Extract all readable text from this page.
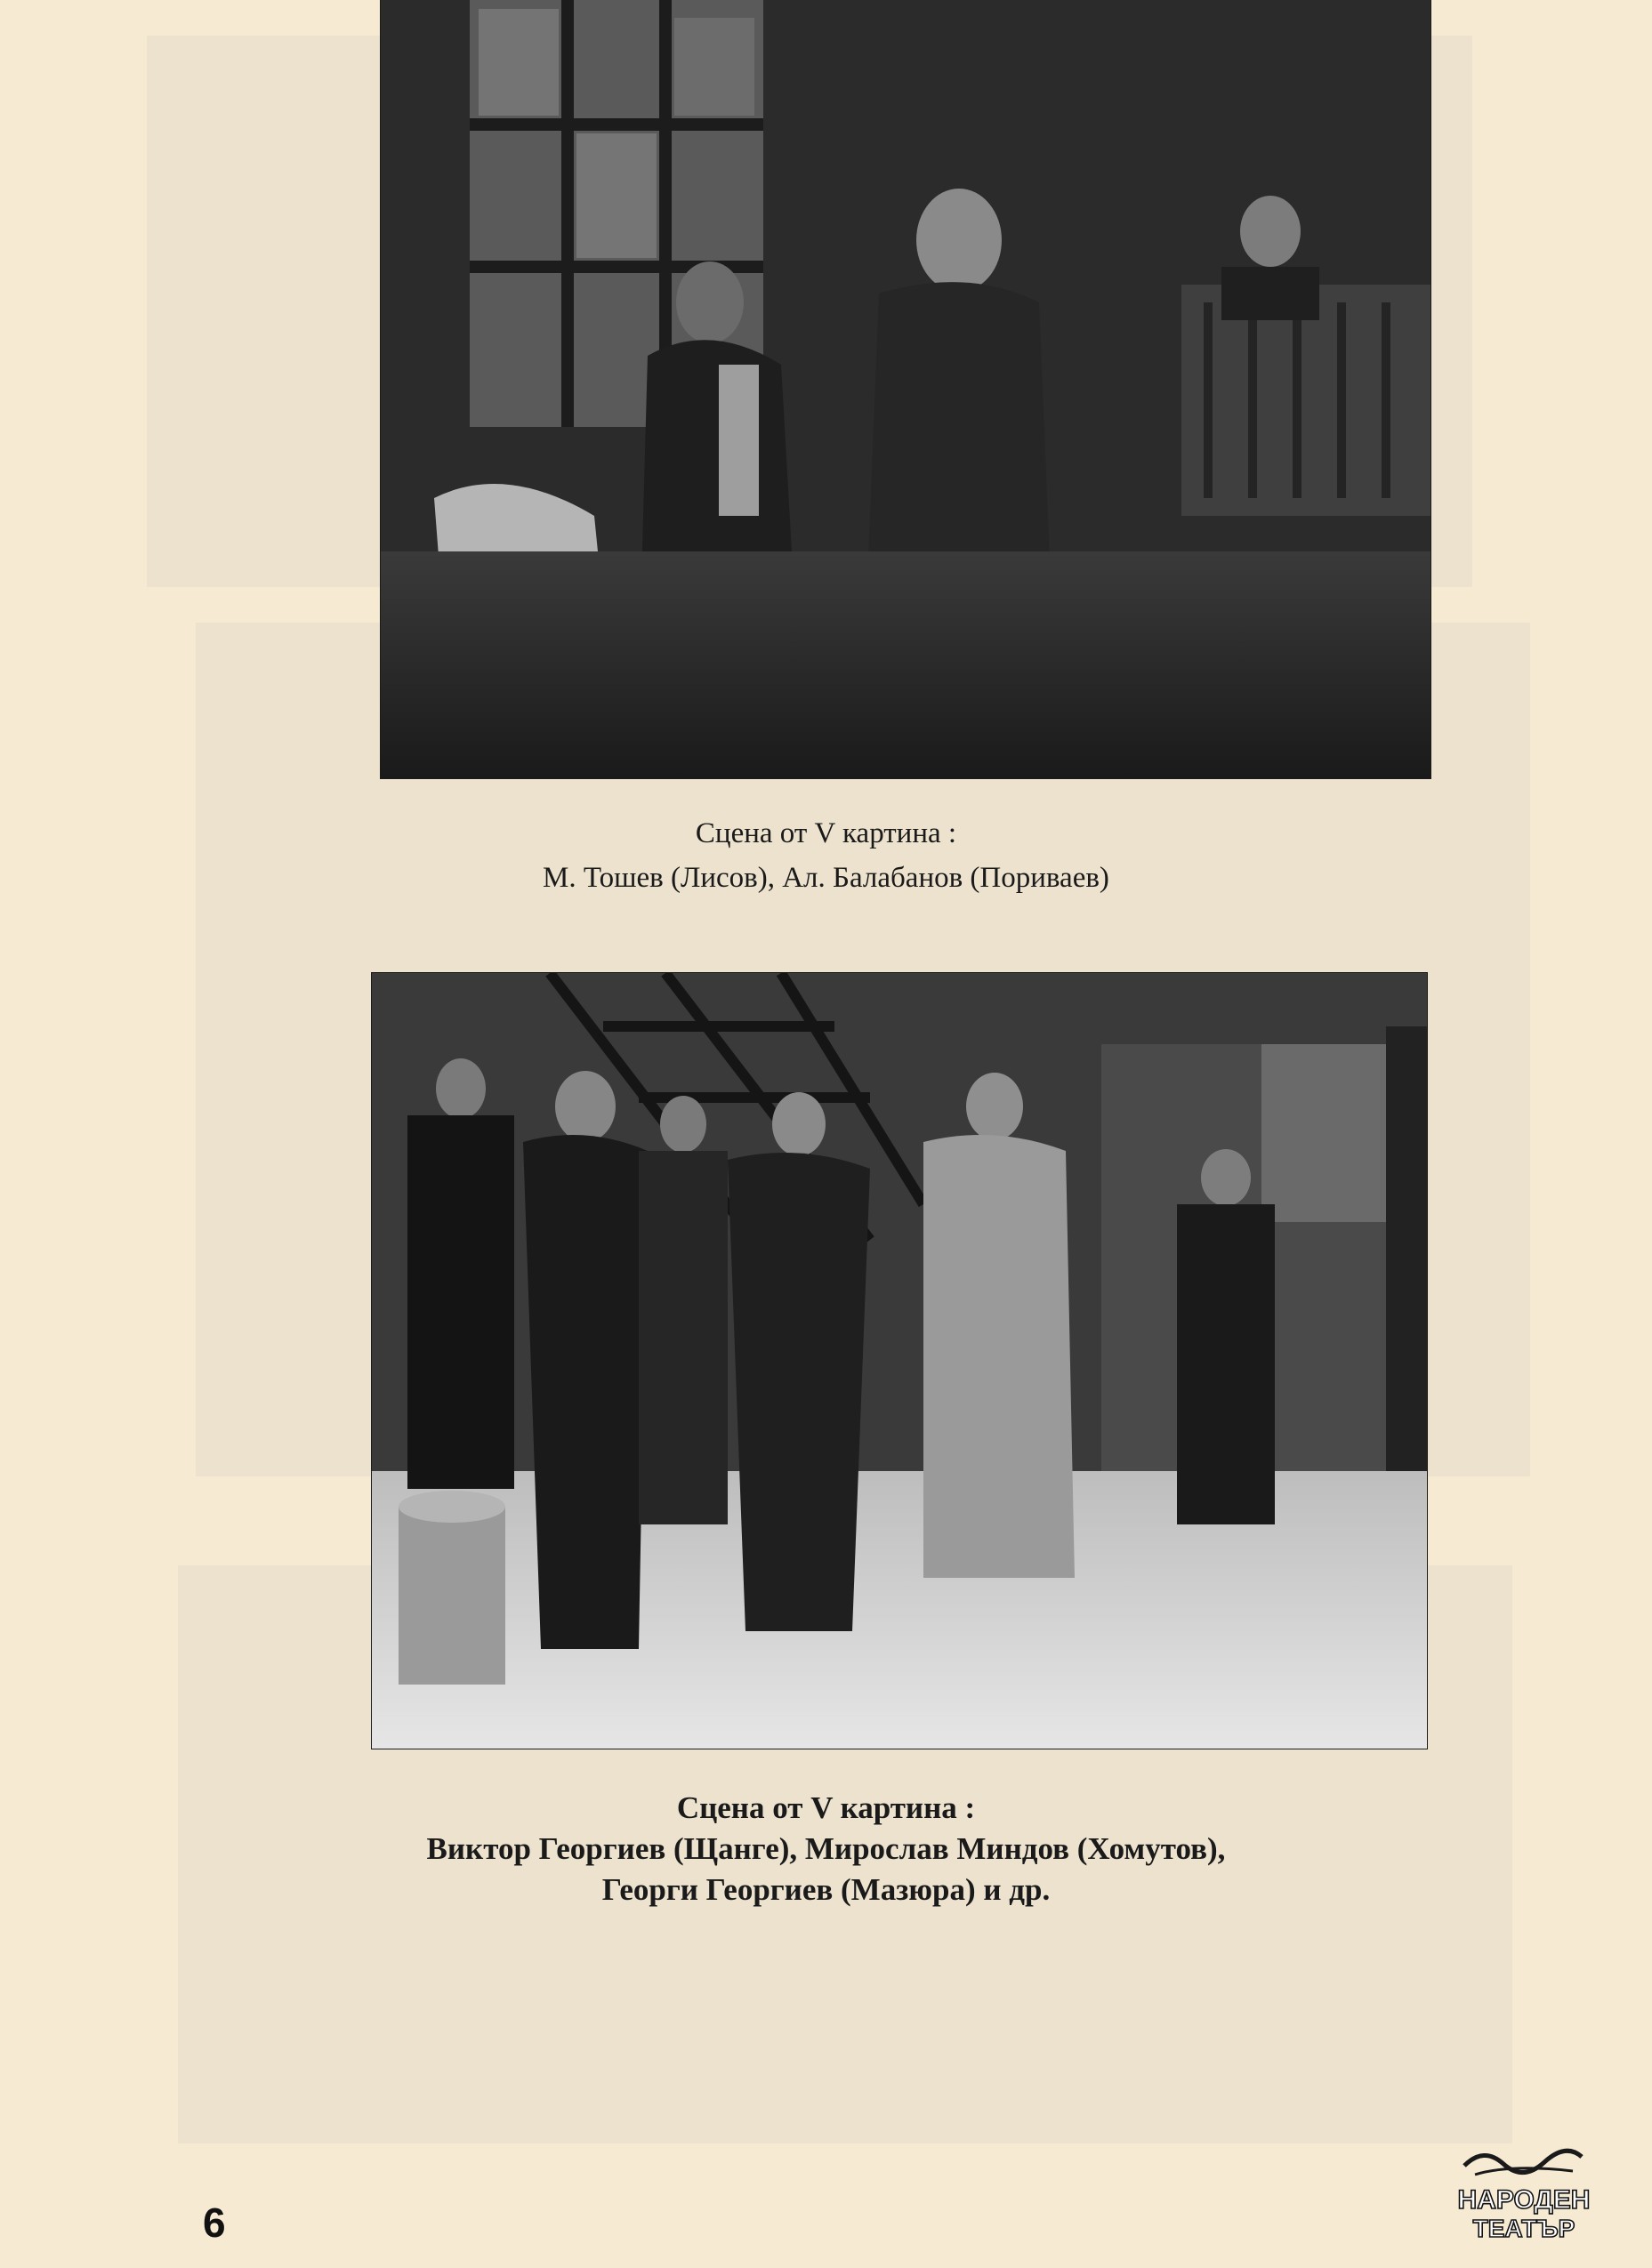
Сцена от V картина :
М. Тошев (Лисов), Ал. Балабанов (Пориваев)
Сцена от V картина :
Виктор Георгиев (Щанге), Мирослав Миндов (Хомутов),
Георги Георгиев (Мазюра) и др.
6	НАРОДЕН
ТЕАТЪР
